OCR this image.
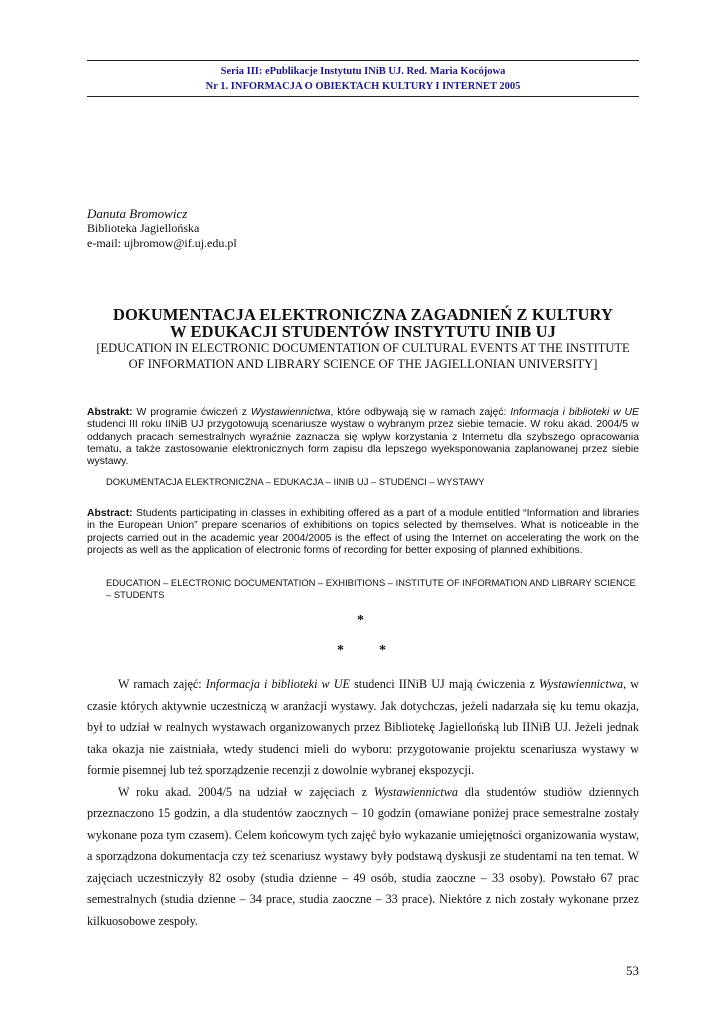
Seria III: ePublikacje Instytutu INiB UJ. Red. Maria Kocójowa
Nr 1. INFORMACJA O OBIEKTACH KULTURY I INTERNET 2005
Danuta Bromowicz
Biblioteka Jagiellońska
e-mail: ujbromow@if.uj.edu.pl
DOKUMENTACJA ELEKTRONICZNA ZAGADNIEŃ Z KULTURY
W EDUKACJI STUDENTÓW INSTYTUTU INIB UJ
[EDUCATION IN ELECTRONIC DOCUMENTATION OF CULTURAL EVENTS AT THE INSTITUTE
OF INFORMATION AND LIBRARY SCIENCE OF THE JAGIELLONIAN UNIVERSITY]
Abstrakt: W programie ćwiczeń z Wystawiennictwa, które odbywają się w ramach zajęć: Informacja i biblioteki w UE studenci III roku IINiB UJ przygotowują scenariusze wystaw o wybranym przez siebie temacie. W roku akad. 2004/5 w oddanych pracach semestralnych wyraźnie zaznacza się wpływ korzystania z Internetu dla szybszego opracowania tematu, a także zastosowanie elektronicznych form zapisu dla lepszego wyeksponowania zaplanowanej przez siebie wystawy.
DOKUMENTACJA ELEKTRONICZNA – EDUKACJA – IINIB UJ – STUDENCI – WYSTAWY
Abstract: Students participating in classes in exhibiting offered as a part of a module entitled “Information and libraries in the European Union” prepare scenarios of exhibitions on topics selected by themselves. What is noticeable in the projects carried out in the academic year 2004/2005 is the effect of using the Internet on accelerating the work on the projects as well as the application of electronic forms of recording for better exposing of planned exhibitions.
EDUCATION – ELECTRONIC DOCUMENTATION – EXHIBITIONS – INSTITUTE OF INFORMATION AND LIBRARY SCIENCE – STUDENTS
*
*	*

W ramach zajęć: Informacja i biblioteki w UE studenci IINiB UJ mają ćwiczenia z Wystawiennictwa, w czasie których aktywnie uczestniczą w aranżacji wystawy. Jak dotychczas, jeżeli nadarzała się ku temu okazja, był to udział w realnych wystawach organizowanych przez Bibliotekę Jagiellońską lub IINiB UJ. Jeżeli jednak taka okazja nie zaistniała, wtedy studenci mieli do wyboru: przygotowanie projektu scenariusza wystawy w formie pisemnej lub też sporządzenie recenzji z dowolnie wybranej ekspozycji.

W roku akad. 2004/5 na udział w zajęciach z Wystawiennictwa dla studentów studiów dziennych przeznaczono 15 godzin, a dla studentów zaocznych – 10 godzin (omawiane poniżej prace semestralne zostały wykonane poza tym czasem). Celem końcowym tych zajęć było wykazanie umiejętności organizowania wystaw, a sporządzona dokumentacja czy też scenariusz wystawy były podstawą dyskusji ze studentami na ten temat. W zajęciach uczestniczyły 82 osoby (studia dzienne – 49 osób, studia zaoczne – 33 osoby). Powstało 67 prac semestralnych (studia dzienne – 34 prace, studia zaoczne – 33 prace). Niektóre z nich zostały wykonane przez kilkuosobowe zespoły.

53
